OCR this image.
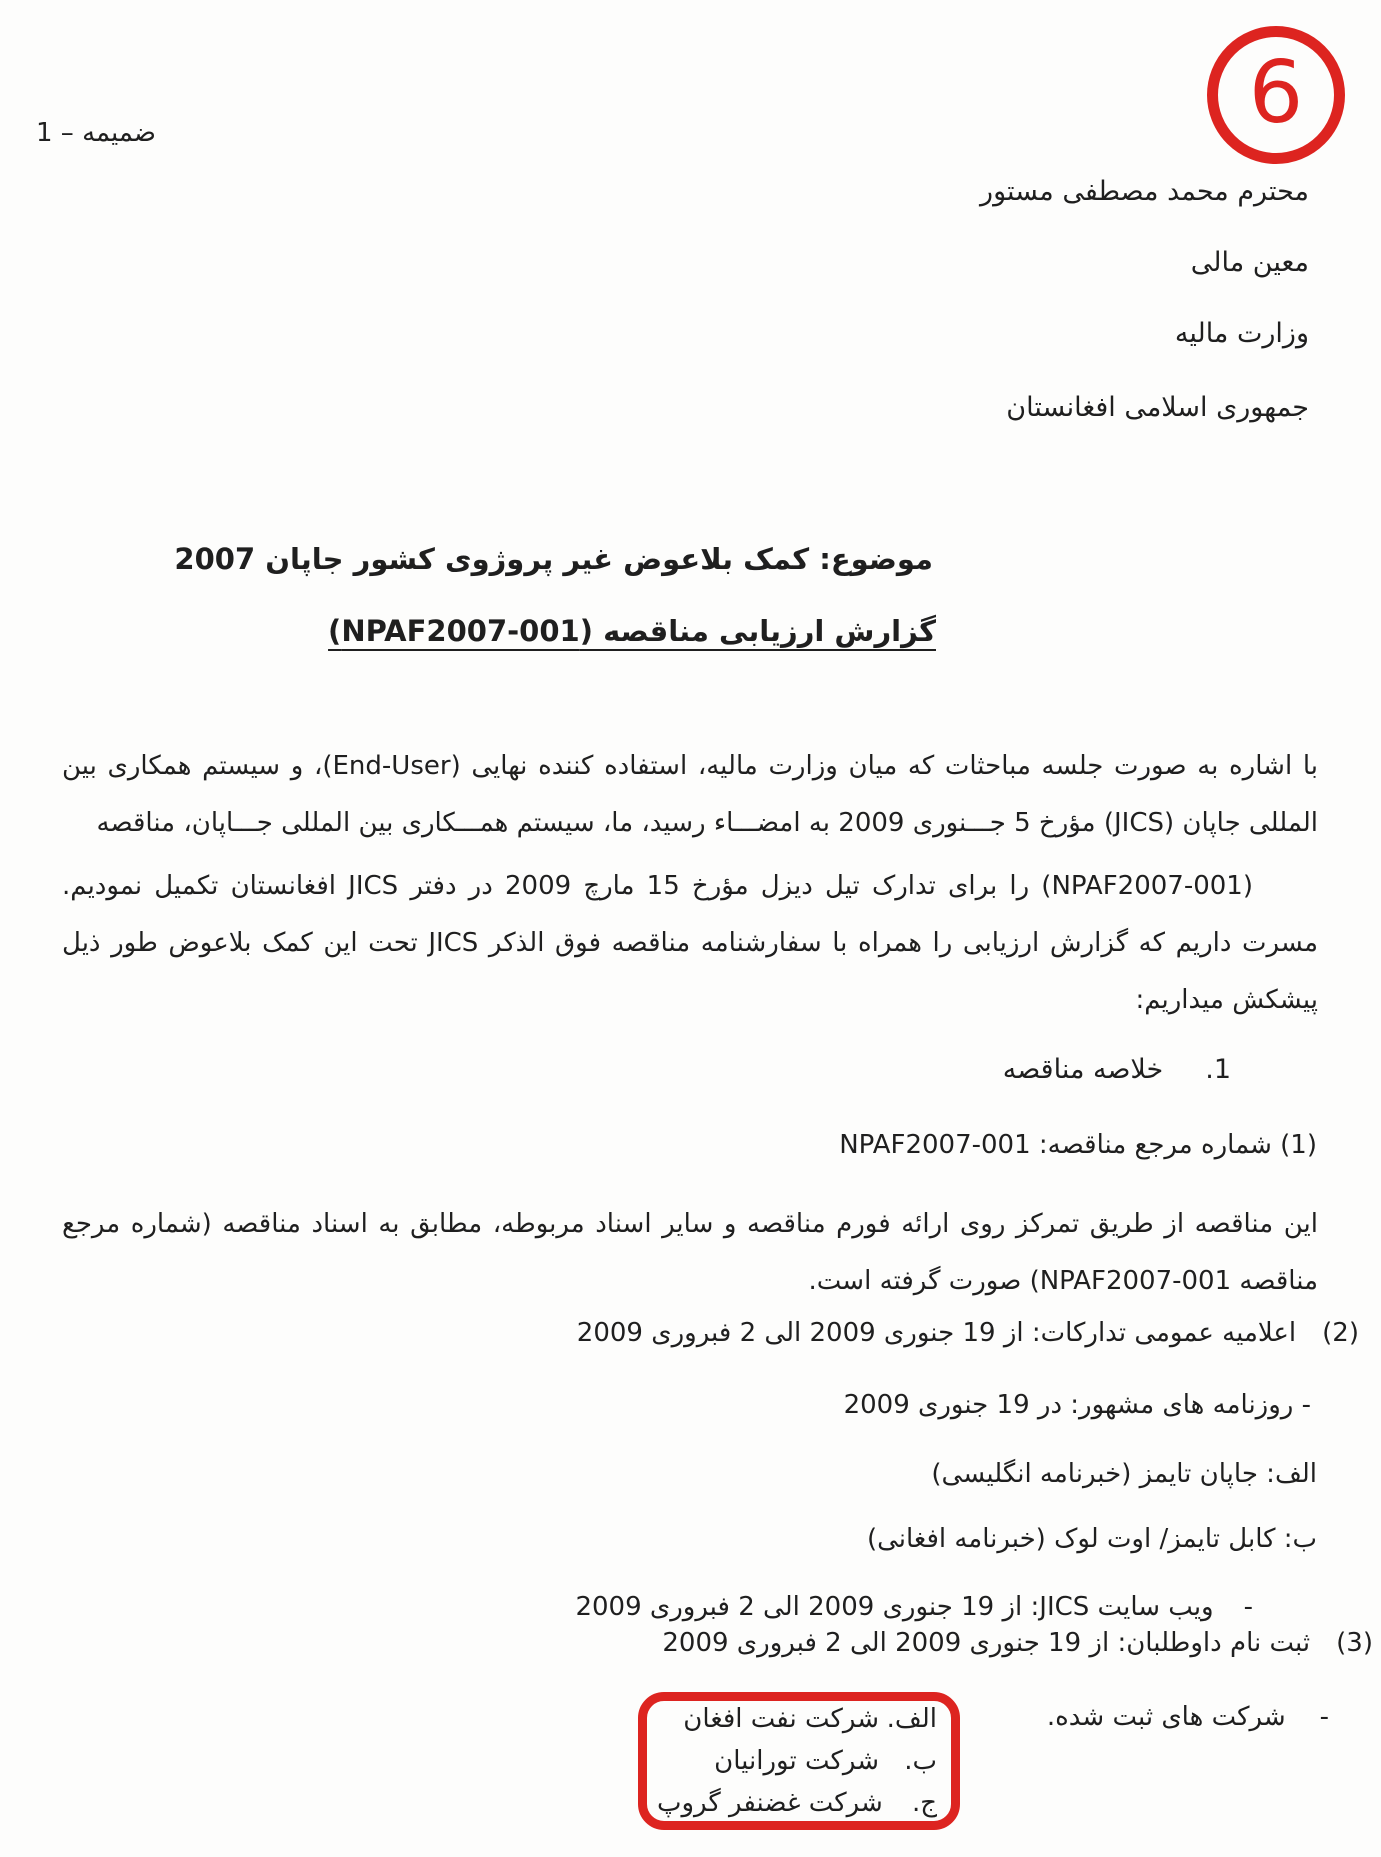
ضمیمه – 1	6
محترم محمد مصطفی مستور
معین مالی
وزارت مالیه
جمهوری اسلامی افغانستان
موضوع: کمک بلاعوض غیر پروژوی کشور جاپان 2007
گزارش ارزیابی مناقصه (NPAF2007-001)
با اشاره به صورت جلسه مباحثات که میان وزارت مالیه، استفاده کننده نهایی (End-User)، و سیستم همکاری بین المللی جاپان (JICS) مؤرخ 5 جـــنوری 2009 به امضـــاء رسید، ما، سیستم همـــکاری بین المللی جـــاپان، مناقصه
(NPAF2007-001) را برای تدارک تیل دیزل مؤرخ 15 مارچ 2009 در دفتر JICS افغانستان تکمیل نمودیم. مسرت داریم که گزارش ارزیابی را همراه با سفارشنامه مناقصه فوق الذکر JICS تحت این کمک بلاعوض طور ذیل پیشکش میداریم:
1.
خلاصه مناقصه
(1) شماره مرجع مناقصه: NPAF2007-001
این مناقصه از طریق تمرکز روی ارائه فورم مناقصه و سایر اسناد مربوطه، مطابق به اسناد مناقصه (شماره مرجع مناقصه NPAF2007-001) صورت گرفته است.
(2)
اعلامیه عمومی تدارکات: از 19 جنوری 2009 الی 2 فبروری 2009
- روزنامه های مشهور: در 19 جنوری 2009
الف: جاپان تایمز (خبرنامه انگلیسی)
ب: کابل تایمز/ اوت لوک (خبرنامه افغانی)
-
ویب سایت JICS: از 19 جنوری 2009 الی 2 فبروری 2009
(3)
ثبت نام داوطلبان: از 19 جنوری 2009 الی 2 فبروری 2009
-
شرکت های ثبت شده.
الف.
شرکت نفت افغان
ب.
شرکت تورانیان
ج.
شرکت غضنفر گروپ
